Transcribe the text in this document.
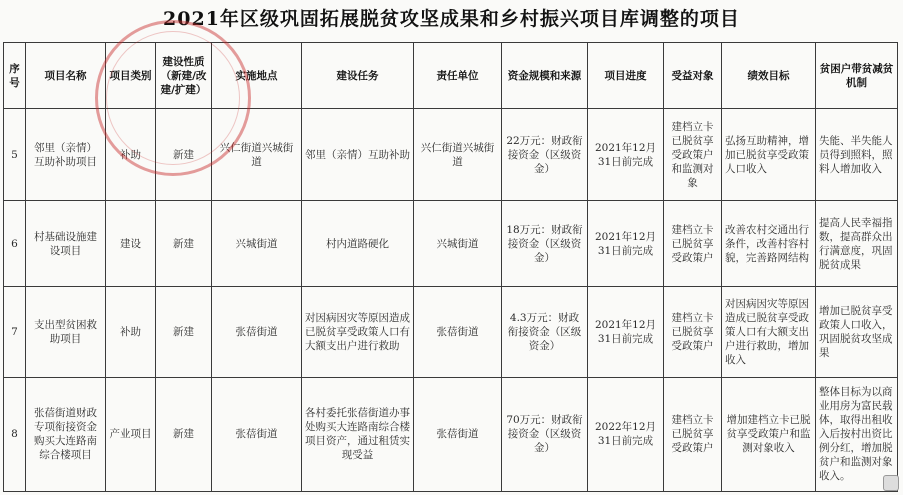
2021年区级巩固拓展脱贫攻坚成果和乡村振兴项目库调整的项目
序号	项目名称	项目类别	建设性质（新建/改建/扩建）	实施地点	建设任务	责任单位	资金规模和来源	项目进度	受益对象	绩效目标	贫困户带贫减贫机制
5	邻里（亲情）互助补助项目	补助	新建	兴仁街道兴城街道	邻里（亲情）互助补助	兴仁街道兴城街道	22万元：财政衔接资金（区级资金）	2021年12月31日前完成	建档立卡已脱贫享受政策户和监测对象	弘扬互助精神，增加已脱贫享受政策人口收入	失能、半失能人员得到照料，照料人增加收入
6	村基础设施建设项目	建设	新建	兴城街道	村内道路硬化	兴城街道	18万元：财政衔接资金（区级资金）	2021年12月31日前完成	建档立卡已脱贫享受政策户	改善农村交通出行条件，改善村容村貌，完善路网结构	提高人民幸福指数，提高群众出行满意度，巩固脱贫成果
7	支出型贫困救助项目	补助	新建	张蓓街道	对因病因灾等原因造成已脱贫享受政策人口有大额支出户进行救助	张蓓街道	4.3万元：财政衔接资金（区级资金）	2021年12月31日前完成	建档立卡已脱贫享受政策户	对因病因灾等原因造成已脱贫享受政策人口有大额支出户进行救助，增加收入	增加已脱贫享受政策人口收入，巩固脱贫攻坚成果
8	张蓓街道财政专项衔接资金购买大连路南综合楼项目	产业项目	新建	张蓓街道	各村委托张蓓街道办事处购买大连路南综合楼项目资产，通过租赁实现受益	张蓓街道	70万元：财政衔接资金（区级资金）	2022年12月31日前完成	建档立卡已脱贫享受政策户	增加建档立卡已脱贫享受政策户和监测对象收入	整体目标为以商业用房为富民载体，取得出租收入后按村出资比例分红，增加脱贫户和监测对象收入。
